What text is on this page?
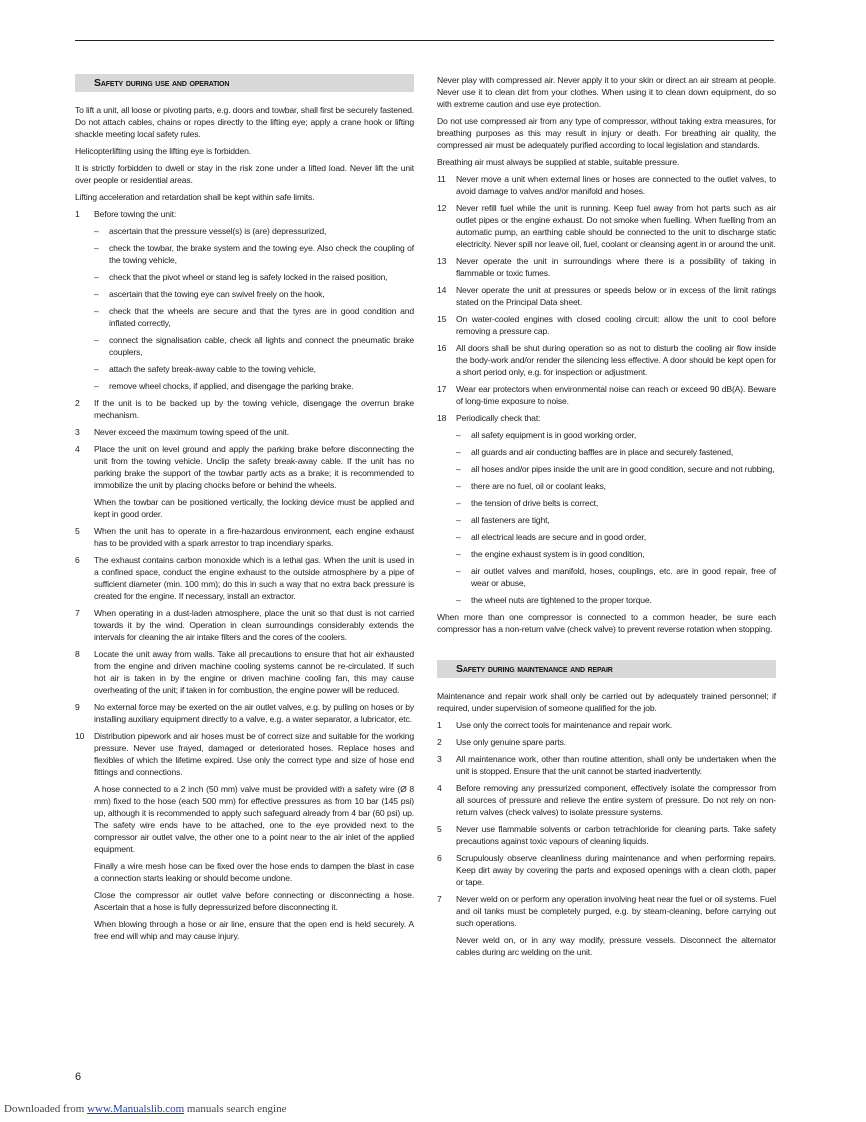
Safety during use and operation
To lift a unit, all loose or pivoting parts, e.g. doors and towbar, shall first be securely fastened. Do not attach cables, chains or ropes directly to the lifting eye; apply a crane hook or lifting shackle meeting local safety rules.
Helicopterlifting using the lifting eye is forbidden.
It is strictly forbidden to dwell or stay in the risk zone under a lifted load. Never lift the unit over people or residential areas.
Lifting acceleration and retardation shall be kept within safe limits.
1 Before towing the unit:
– ascertain that the pressure vessel(s) is (are) depressurized,
– check the towbar, the brake system and the towing eye. Also check the coupling of the towing vehicle,
– check that the pivot wheel or stand leg is safely locked in the raised position,
– ascertain that the towing eye can swivel freely on the hook,
– check that the wheels are secure and that the tyres are in good condition and inflated correctly,
– connect the signalisation cable, check all lights and connect the pneumatic brake couplers,
– attach the safety break-away cable to the towing vehicle,
– remove wheel chocks, if applied, and disengage the parking brake.
2 If the unit is to be backed up by the towing vehicle, disengage the overrun brake mechanism.
3 Never exceed the maximum towing speed of the unit.
4 Place the unit on level ground and apply the parking brake before disconnecting the unit from the towing vehicle. Unclip the safety break-away cable. If the unit has no parking brake the support of the towbar partly acts as a brake; it is recommended to immobilize the unit by placing chocks before or behind the wheels.
When the towbar can be positioned vertically, the locking device must be applied and kept in good order.
5 When the unit has to operate in a fire-hazardous environment, each engine exhaust has to be provided with a spark arrestor to trap incendiary sparks.
6 The exhaust contains carbon monoxide which is a lethal gas. When the unit is used in a confined space, conduct the engine exhaust to the outside atmosphere by a pipe of sufficient diameter (min. 100 mm); do this in such a way that no extra back pressure is created for the engine. If necessary, install an extractor.
7 When operating in a dust-laden atmosphere, place the unit so that dust is not carried towards it by the wind. Operation in clean surroundings considerably extends the intervals for cleaning the air intake filters and the cores of the coolers.
8 Locate the unit away from walls. Take all precautions to ensure that hot air exhausted from the engine and driven machine cooling systems cannot be re-circulated. If such hot air is taken in by the engine or driven machine cooling fan, this may cause overheating of the unit; if taken in for combustion, the engine power will be reduced.
9 No external force may be exerted on the air outlet valves, e.g. by pulling on hoses or by installing auxiliary equipment directly to a valve, e.g. a water separator, a lubricator, etc.
10 Distribution pipework and air hoses must be of correct size and suitable for the working pressure. Never use frayed, damaged or deteriorated hoses. Replace hoses and flexibles of which the lifetime expired. Use only the correct type and size of hose end fittings and connections.
A hose connected to a 2 inch (50 mm) valve must be provided with a safety wire (Ø 8 mm) fixed to the hose (each 500 mm) for effective pressures as from 10 bar (145 psi) up, although it is recommended to apply such safeguard already from 4 bar (60 psi) up. The safety wire ends have to be attached, one to the eye provided next to the compressor air outlet valve, the other one to a point near to the air inlet of the applied equipment.
Finally a wire mesh hose can be fixed over the hose ends to dampen the blast in case a connection starts leaking or should become undone.
Close the compressor air outlet valve before connecting or disconnecting a hose. Ascertain that a hose is fully depressurized before disconnecting it.
When blowing through a hose or air line, ensure that the open end is held securely. A free end will whip and may cause injury.
Never play with compressed air. Never apply it to your skin or direct an air stream at people. Never use it to clean dirt from your clothes. When using it to clean down equipment, do so with extreme caution and use eye protection.
Do not use compressed air from any type of compressor, without taking extra measures, for breathing purposes as this may result in injury or death. For breathing air quality, the compressed air must be adequately purified according to local legislation and standards.
Breathing air must always be supplied at stable, suitable pressure.
11 Never move a unit when external lines or hoses are connected to the outlet valves, to avoid damage to valves and/or manifold and hoses.
12 Never refill fuel while the unit is running. Keep fuel away from hot parts such as air outlet pipes or the engine exhaust. Do not smoke when fuelling. When fuelling from an automatic pump, an earthing cable should be connected to the unit to discharge static electricity. Never spill nor leave oil, fuel, coolant or cleansing agent in or around the unit.
13 Never operate the unit in surroundings where there is a possibility of taking in flammable or toxic fumes.
14 Never operate the unit at pressures or speeds below or in excess of the limit ratings stated on the Principal Data sheet.
15 On water-cooled engines with closed cooling circuit: allow the unit to cool before removing a pressure cap.
16 All doors shall be shut during operation so as not to disturb the cooling air flow inside the body-work and/or render the silencing less effective. A door should be kept open for a short period only, e.g. for inspection or adjustment.
17 Wear ear protectors when environmental noise can reach or exceed 90 dB(A). Beware of long-time exposure to noise.
18 Periodically check that:
– all safety equipment is in good working order,
– all guards and air conducting baffles are in place and securely fastened,
– all hoses and/or pipes inside the unit are in good condition, secure and not rubbing,
– there are no fuel, oil or coolant leaks,
– the tension of drive belts is correct,
– all fasteners are tight,
– all electrical leads are secure and in good order,
– the engine exhaust system is in good condition,
– air outlet valves and manifold, hoses, couplings, etc. are in good repair, free of wear or abuse,
– the wheel nuts are tightened to the proper torque.
When more than one compressor is connected to a common header, be sure each compressor has a non-return valve (check valve) to prevent reverse rotation when stopping.
Safety during maintenance and repair
Maintenance and repair work shall only be carried out by adequately trained personnel; if required, under supervision of someone qualified for the job.
1 Use only the correct tools for maintenance and repair work.
2 Use only genuine spare parts.
3 All maintenance work, other than routine attention, shall only be undertaken when the unit is stopped. Ensure that the unit cannot be started inadvertently.
4 Before removing any pressurized component, effectively isolate the compressor from all sources of pressure and relieve the entire system of pressure. Do not rely on non-return valves (check valves) to isolate pressure systems.
5 Never use flammable solvents or carbon tetrachloride for cleaning parts. Take safety precautions against toxic vapours of cleaning liquids.
6 Scrupulously observe cleanliness during maintenance and when performing repairs. Keep dirt away by covering the parts and exposed openings with a clean cloth, paper or tape.
7 Never weld on or perform any operation involving heat near the fuel or oil systems. Fuel and oil tanks must be completely purged, e.g. by steam-cleaning, before carrying out such operations.
Never weld on, or in any way modify, pressure vessels. Disconnect the alternator cables during arc welding on the unit.
6
Downloaded from www.Manualslib.com manuals search engine
